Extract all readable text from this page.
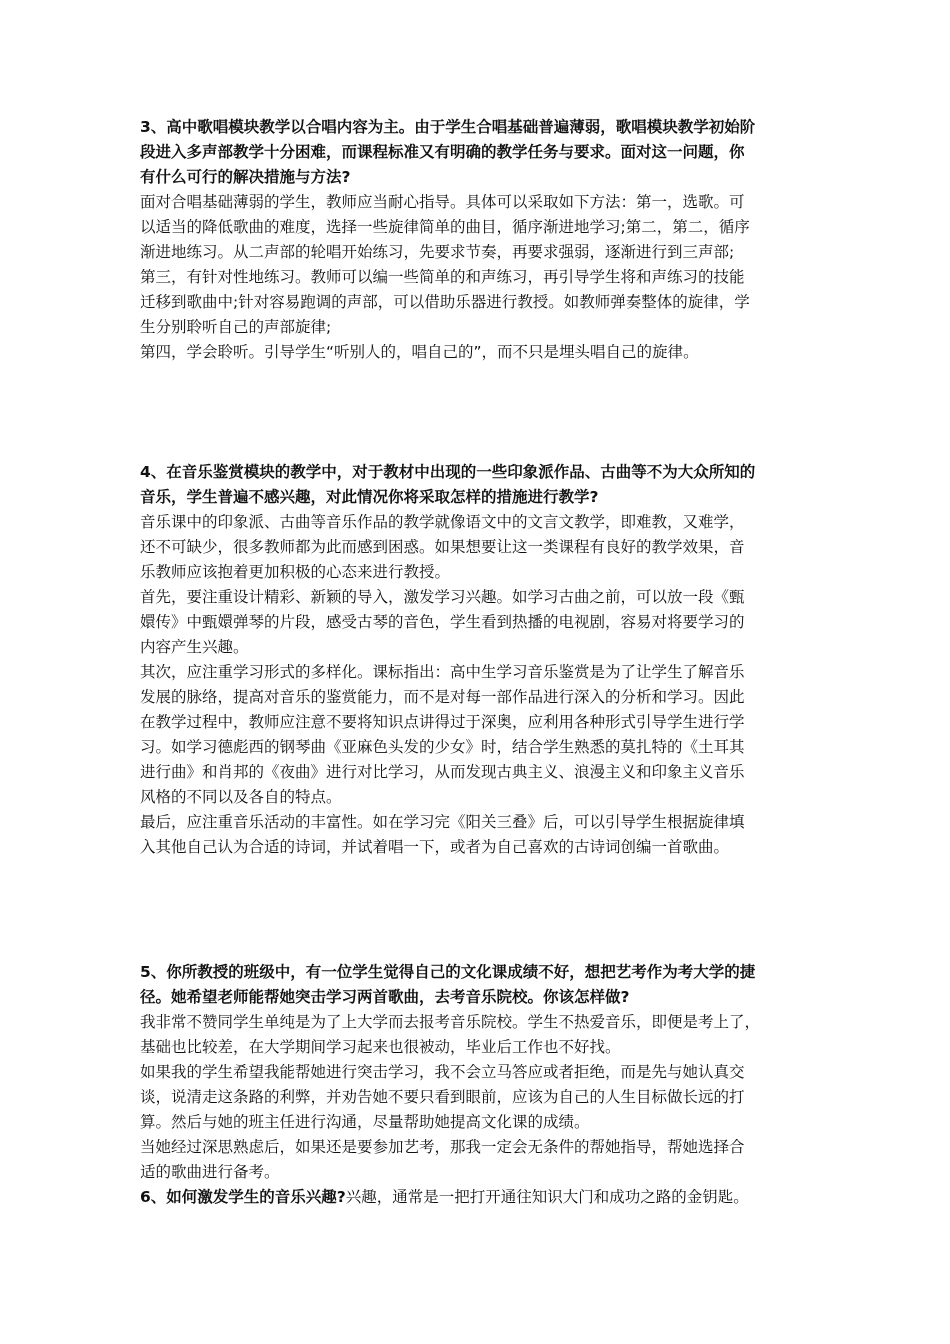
3、高中歌唱模块教学以合唱内容为主。由于学生合唱基础普遍薄弱，歌唱模块教学初始阶
段进入多声部教学十分困难，而课程标准又有明确的教学任务与要求。面对这一问题，你
有什么可行的解决措施与方法?
面对合唱基础薄弱的学生，教师应当耐心指导。具体可以采取如下方法：第一，选歌。可
以适当的降低歌曲的难度，选择一些旋律简单的曲目，循序渐进地学习;第二，第二，循序
渐进地练习。从二声部的轮唱开始练习，先要求节奏，再要求强弱，逐渐进行到三声部;
第三，有针对性地练习。教师可以编一些简单的和声练习，再引导学生将和声练习的技能
迁移到歌曲中;针对容易跑调的声部，可以借助乐器进行教授。如教师弹奏整体的旋律，学
生分别聆听自己的声部旋律;
第四，学会聆听。引导学生“听别人的，唱自己的”，而不只是埋头唱自己的旋律。
4、在音乐鉴赏模块的教学中，对于教材中出现的一些印象派作品、古曲等不为大众所知的
音乐，学生普遍不感兴趣，对此情况你将采取怎样的措施进行教学?
音乐课中的印象派、古曲等音乐作品的教学就像语文中的文言文教学，即难教，又难学，
还不可缺少，很多教师都为此而感到困惑。如果想要让这一类课程有良好的教学效果，音
乐教师应该抱着更加积极的心态来进行教授。
首先，要注重设计精彩、新颖的导入，激发学习兴趣。如学习古曲之前，可以放一段《甄
嬛传》中甄嬛弹琴的片段，感受古琴的音色，学生看到热播的电视剧，容易对将要学习的
内容产生兴趣。
其次，应注重学习形式的多样化。课标指出：高中生学习音乐鉴赏是为了让学生了解音乐
发展的脉络，提高对音乐的鉴赏能力，而不是对每一部作品进行深入的分析和学习。因此
在教学过程中，教师应注意不要将知识点讲得过于深奥，应利用各种形式引导学生进行学
习。如学习德彪西的钢琴曲《亚麻色头发的少女》时，结合学生熟悉的莫扎特的《土耳其
进行曲》和肖邦的《夜曲》进行对比学习，从而发现古典主义、浪漫主义和印象主义音乐
风格的不同以及各自的特点。
最后，应注重音乐活动的丰富性。如在学习完《阳关三叠》后，可以引导学生根据旋律填
入其他自己认为合适的诗词，并试着唱一下，或者为自己喜欢的古诗词创编一首歌曲。
5、你所教授的班级中，有一位学生觉得自己的文化课成绩不好，想把艺考作为考大学的捷
径。她希望老师能帮她突击学习两首歌曲，去考音乐院校。你该怎样做?
我非常不赞同学生单纯是为了上大学而去报考音乐院校。学生不热爱音乐，即便是考上了，
基础也比较差，在大学期间学习起来也很被动，毕业后工作也不好找。
如果我的学生希望我能帮她进行突击学习，我不会立马答应或者拒绝，而是先与她认真交
谈，说清走这条路的利弊，并劝告她不要只看到眼前，应该为自己的人生目标做长远的打
算。然后与她的班主任进行沟通，尽量帮助她提高文化课的成绩。
当她经过深思熟虑后，如果还是要参加艺考，那我一定会无条件的帮她指导，帮她选择合
适的歌曲进行备考。
6、如何激发学生的音乐兴趣?兴趣，通常是一把打开通往知识大门和成功之路的金钥匙。
